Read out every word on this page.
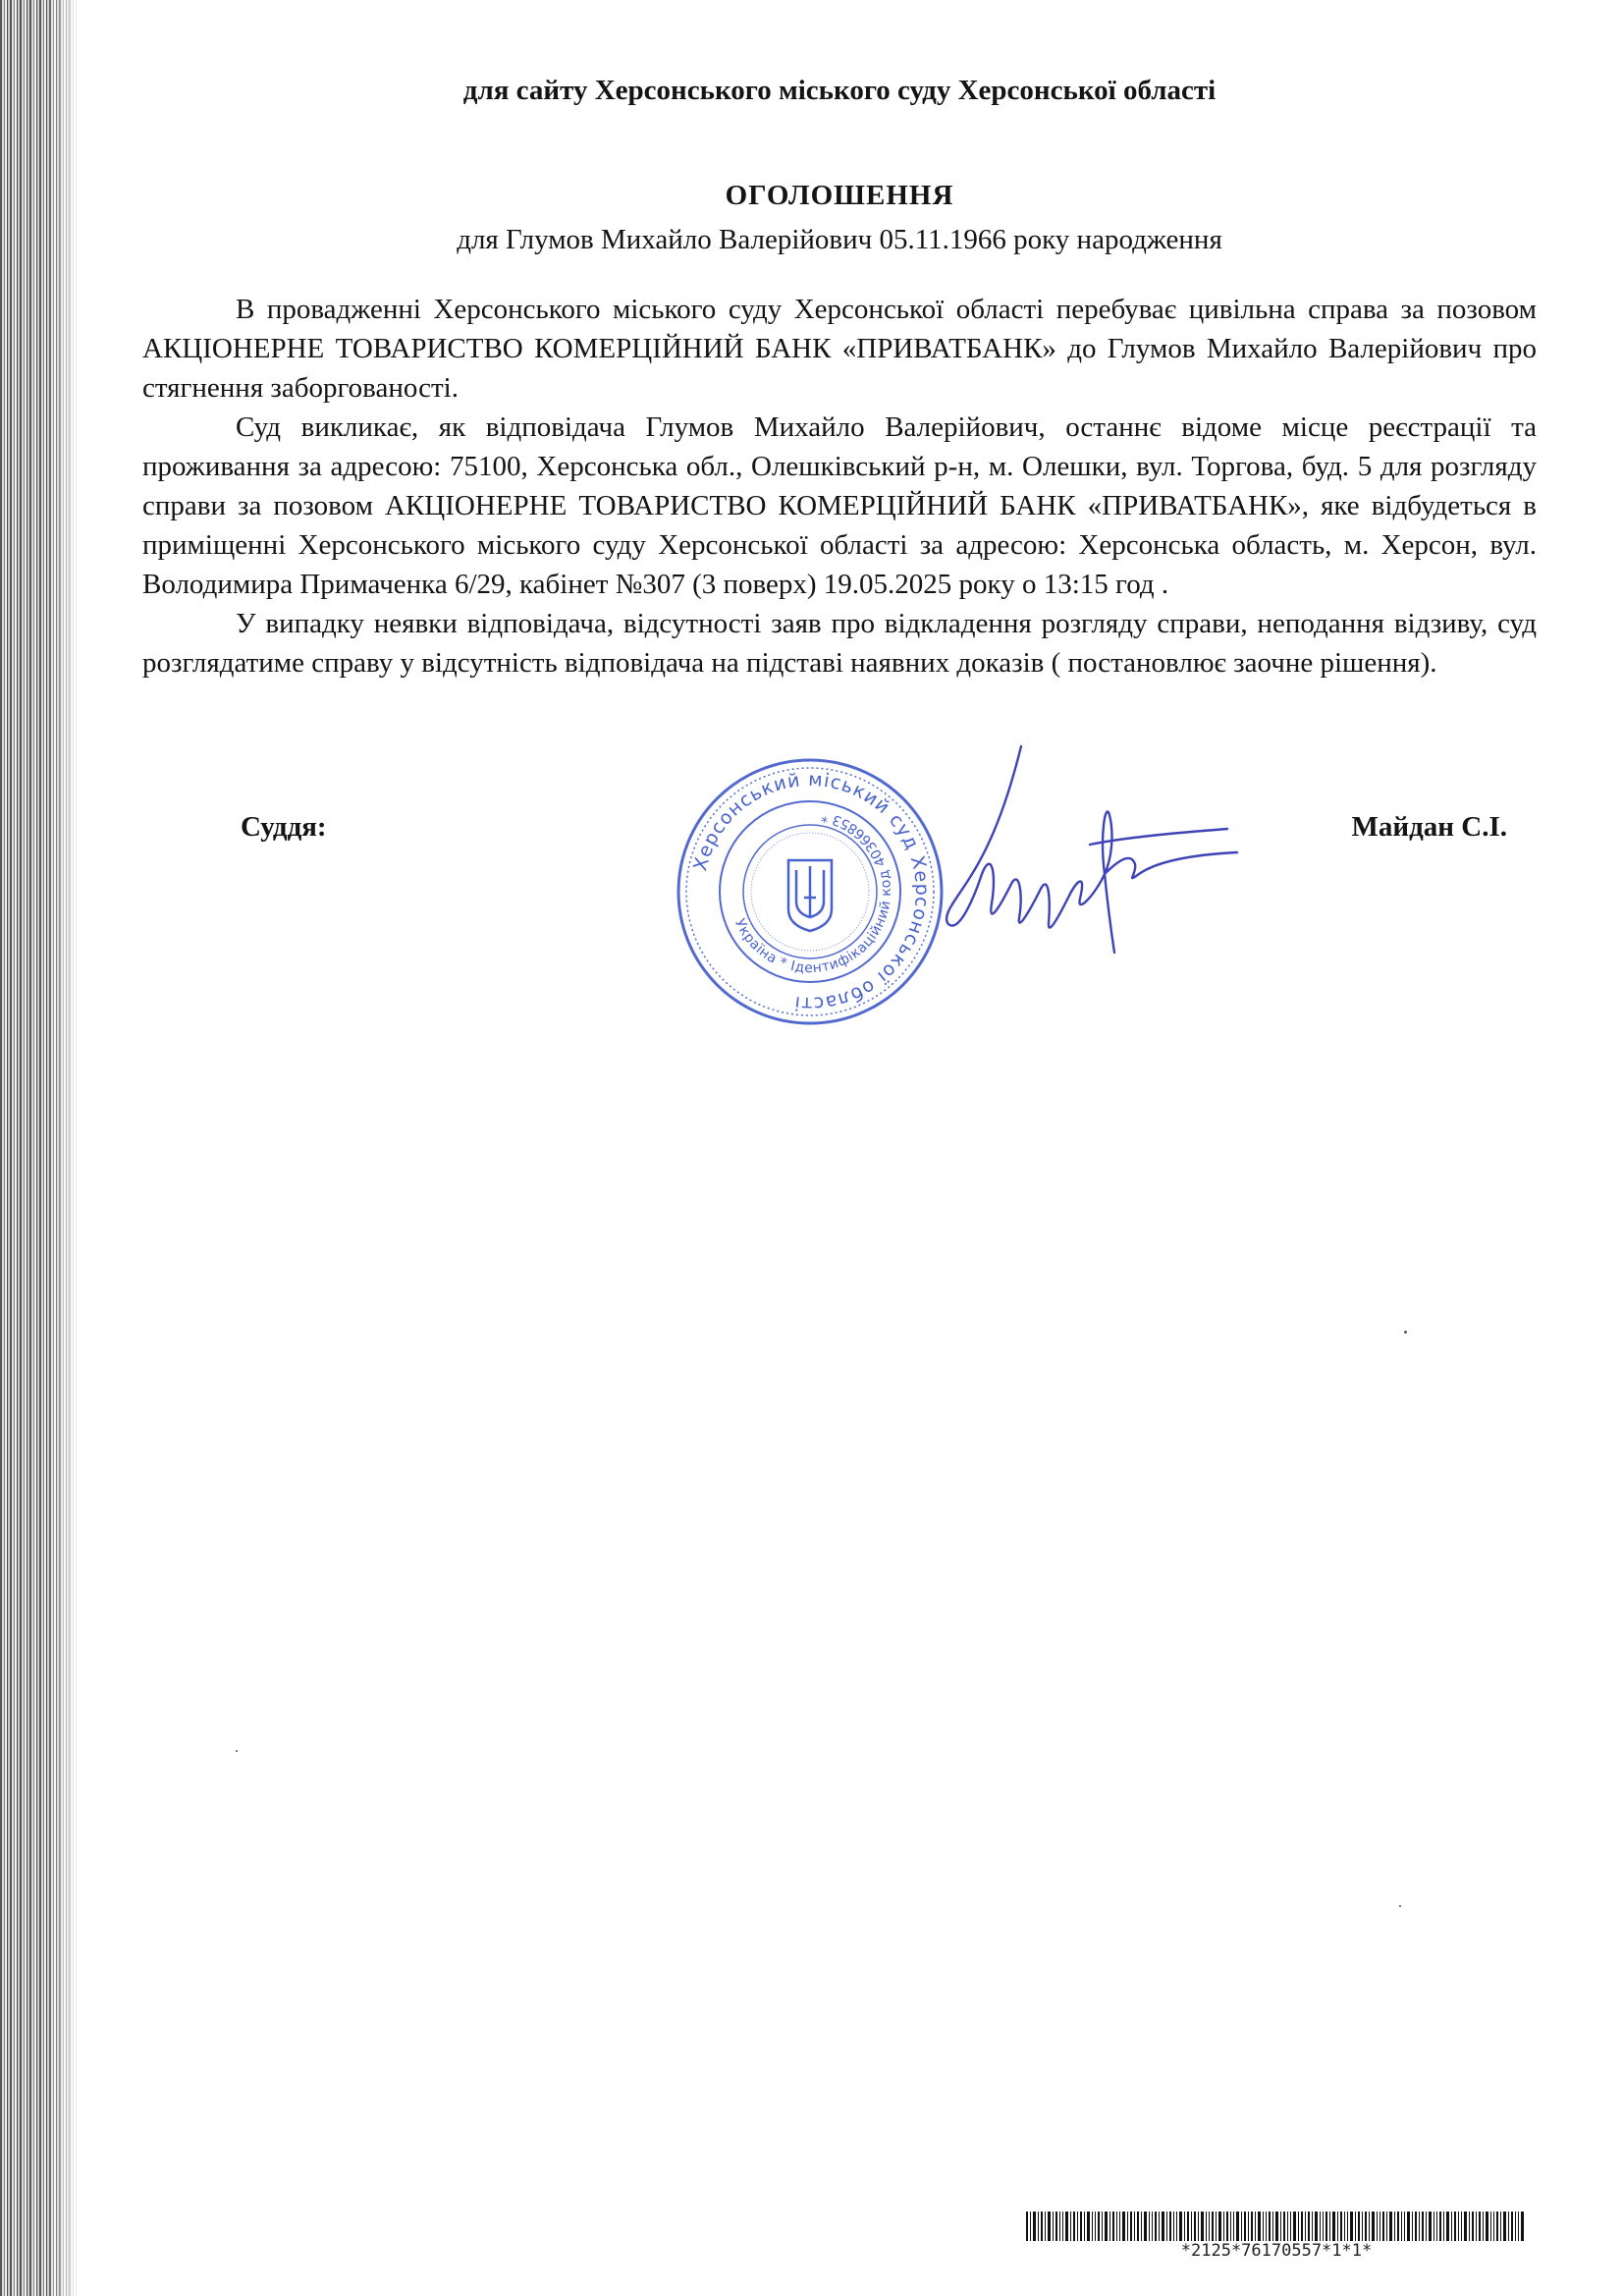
для сайту Херсонського міського суду Херсонської області
ОГОЛОШЕННЯ
для Глумов Михайло Валерійович 05.11.1966 року народження

В провадженні Херсонського міського суду Херсонської області перебуває цивільна справа за позовом АКЦІОНЕРНЕ ТОВАРИСТВО КОМЕРЦІЙНИЙ БАНК «ПРИВАТБАНК» до Глумов Михайло Валерійович про стягнення заборгованості.

Суд викликає, як відповідача Глумов Михайло Валерійович, останнє відоме місце реєстрації та проживання за адресою: 75100, Херсонська обл., Олешківський р-н, м. Олешки, вул. Торгова, буд. 5 для розгляду справи за позовом АКЦІОНЕРНЕ ТОВАРИСТВО КОМЕРЦІЙНИЙ БАНК «ПРИВАТБАНК», яке відбудеться в приміщенні Херсонського міського суду Херсонської області за адресою: Херсонська область, м. Херсон, вул. Володимира Примаченка 6/29, кабінет №307 (3 поверх) 19.05.2025 року о 13:15 год .

У випадку неявки відповідача, відсутності заяв про відкладення розгляду справи, неподання відзиву, суд розглядатиме справу у відсутність відповідача на підставі наявних доказів ( постановлює заочне рішення).

Суддя:	Майдан С.І.
Херсонський міський суд Херсонської області
Україна * Ідентифікаційний код 40366853 *
*2125*76170557*1*1*
